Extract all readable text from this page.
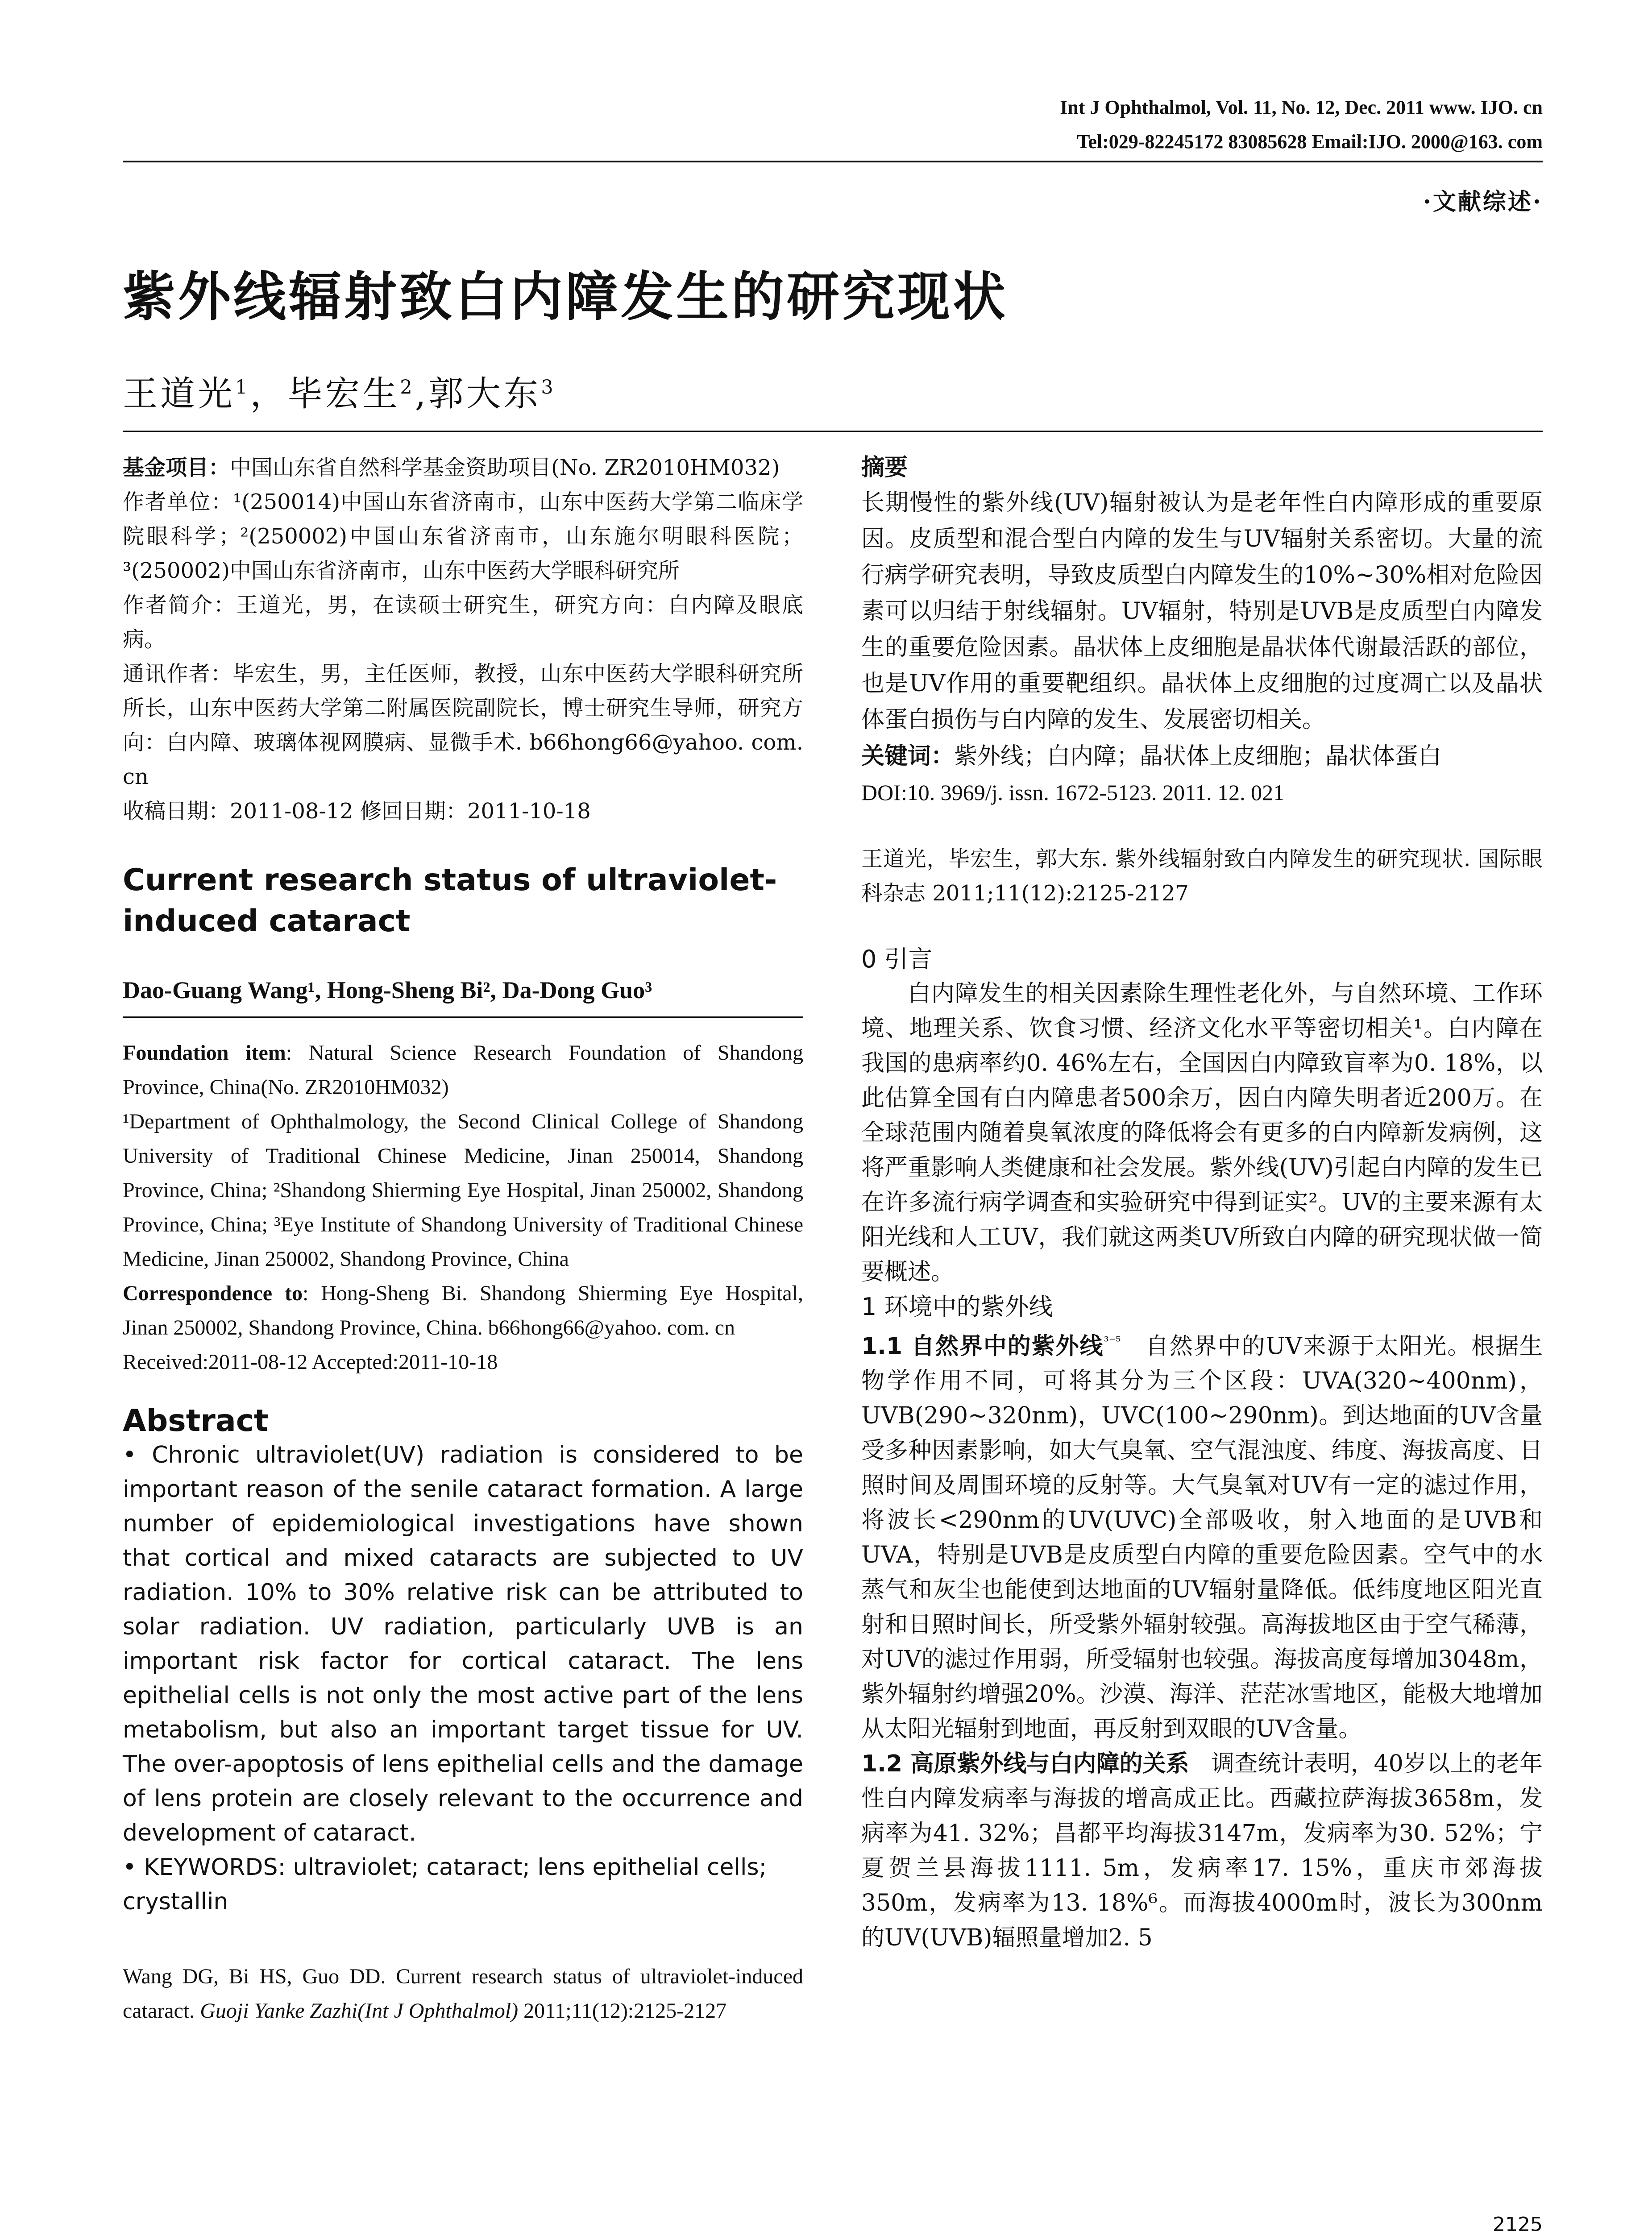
Int J Ophthalmol, Vol. 11, No. 12, Dec. 2011 www. IJO. cn
Tel:029-82245172 83085628 Email:IJO. 2000@163. com
·文献综述·
紫外线辐射致白内障发生的研究现状
王道光$^1$，毕宏生$^2$,郭大东$^3$

基金项目：中国山东省自然科学基金资助项目(No. ZR2010HM032)

作者单位：¹(250014)中国山东省济南市，山东中医药大学第二临床学院眼科学；²(250002)中国山东省济南市，山东施尔明眼科医院；³(250002)中国山东省济南市，山东中医药大学眼科研究所

作者简介：王道光，男，在读硕士研究生，研究方向：白内障及眼底病。

通讯作者：毕宏生，男，主任医师，教授，山东中医药大学眼科研究所所长，山东中医药大学第二附属医院副院长，博士研究生导师，研究方向：白内障、玻璃体视网膜病、显微手术. b66hong66@yahoo. com. cn

收稿日期：2011-08-12 修回日期：2011-10-18

Current research status of ultraviolet-induced cataract

Dao-Guang Wang¹, Hong-Sheng Bi², Da-Dong Guo³

Foundation item: Natural Science Research Foundation of Shandong Province, China(No. ZR2010HM032)

¹Department of Ophthalmology, the Second Clinical College of Shandong University of Traditional Chinese Medicine, Jinan 250014, Shandong Province, China; ²Shandong Shierming Eye Hospital, Jinan 250002, Shandong Province, China; ³Eye Institute of Shandong University of Traditional Chinese Medicine, Jinan 250002, Shandong Province, China

Correspondence to: Hong-Sheng Bi. Shandong Shierming Eye Hospital, Jinan 250002, Shandong Province, China. b66hong66@yahoo. com. cn

Received:2011-08-12 Accepted:2011-10-18

Abstract

• Chronic ultraviolet(UV) radiation is considered to be important reason of the senile cataract formation. A large number of epidemiological investigations have shown that cortical and mixed cataracts are subjected to UV radiation. 10% to 30% relative risk can be attributed to solar radiation. UV radiation, particularly UVB is an important risk factor for cortical cataract. The lens epithelial cells is not only the most active part of the lens metabolism, but also an important target tissue for UV. The over-apoptosis of lens epithelial cells and the damage of lens protein are closely relevant to the occurrence and development of cataract.

• KEYWORDS: ultraviolet; cataract; lens epithelial cells; crystallin

Wang DG, Bi HS, Guo DD. Current research status of ultraviolet-induced cataract. Guoji Yanke Zazhi(Int J Ophthalmol) 2011;11(12):2125-2127

摘要

长期慢性的紫外线(UV)辐射被认为是老年性白内障形成的重要原因。皮质型和混合型白内障的发生与UV辐射关系密切。大量的流行病学研究表明，导致皮质型白内障发生的10%~30%相对危险因素可以归结于射线辐射。UV辐射，特别是UVB是皮质型白内障发生的重要危险因素。晶状体上皮细胞是晶状体代谢最活跃的部位，也是UV作用的重要靶组织。晶状体上皮细胞的过度凋亡以及晶状体蛋白损伤与白内障的发生、发展密切相关。

关键词：紫外线；白内障；晶状体上皮细胞；晶状体蛋白

DOI:10. 3969/j. issn. 1672-5123. 2011. 12. 021

王道光，毕宏生，郭大东. 紫外线辐射致白内障发生的研究现状. 国际眼科杂志 2011;11(12):2125-2127

0 引言

白内障发生的相关因素除生理性老化外，与自然环境、工作环境、地理关系、饮食习惯、经济文化水平等密切相关¹。白内障在我国的患病率约0. 46%左右，全国因白内障致盲率为0. 18%，以此估算全国有白内障患者500余万，因白内障失明者近200万。在全球范围内随着臭氧浓度的降低将会有更多的白内障新发病例，这将严重影响人类健康和社会发展。紫外线(UV)引起白内障的发生已在许多流行病学调查和实验研究中得到证实²。UV的主要来源有太阳光线和人工UV，我们就这两类UV所致白内障的研究现状做一简要概述。

1 环境中的紫外线

1.1 自然界中的紫外线$^{^{3-5}}$ 自然界中的UV来源于太阳光。根据生物学作用不同，可将其分为三个区段：UVA(320~400nm)，UVB(290~320nm)，UVC(100~290nm)。到达地面的UV含量受多种因素影响，如大气臭氧、空气混浊度、纬度、海拔高度、日照时间及周围环境的反射等。大气臭氧对UV有一定的滤过作用，将波长<290nm的UV(UVC)全部吸收，射入地面的是UVB和UVA，特别是UVB是皮质型白内障的重要危险因素。空气中的水蒸气和灰尘也能使到达地面的UV辐射量降低。低纬度地区阳光直射和日照时间长，所受紫外辐射较强。高海拔地区由于空气稀薄，对UV的滤过作用弱，所受辐射也较强。海拔高度每增加3048m，紫外辐射约增强20%。沙漠、海洋、茫茫冰雪地区，能极大地增加从太阳光辐射到地面，再反射到双眼的UV含量。

1.2 高原紫外线与白内障的关系 调查统计表明，40岁以上的老年性白内障发病率与海拔的增高成正比。西藏拉萨海拔3658m，发病率为41. 32%；昌都平均海拔3147m，发病率为30. 52%；宁夏贺兰县海拔1111. 5m，发病率17. 15%，重庆市郊海拔350m，发病率为13. 18%⁶。而海拔4000m时，波长为300nm的UV(UVB)辐照量增加2. 5

2125
